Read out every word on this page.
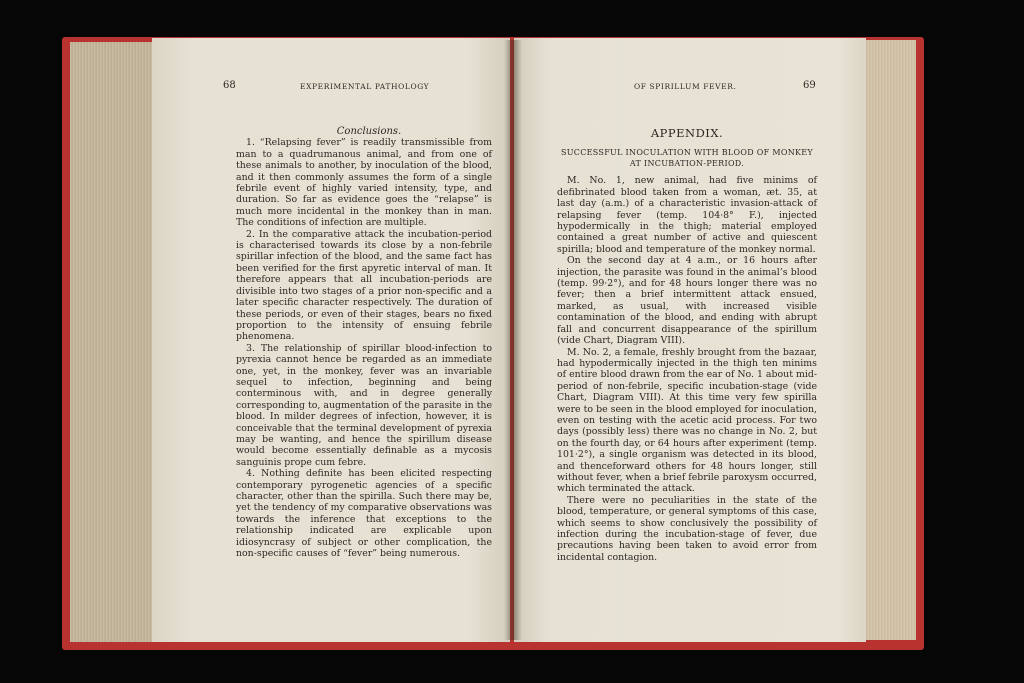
68	EXPERIMENTAL PATHOLOGY

Conclusions.

1. “Relapsing fever” is readily transmissible from man to a quadrumanous animal, and from one of these animals to another, by inoculation of the blood, and it then commonly assumes the form of a single febrile event of highly varied intensity, type, and duration. So far as evidence goes the “relapse” is much more incidental in the monkey than in man. The conditions of infection are multiple.

2. In the comparative attack the incubation-period is characterised towards its close by a non-febrile spirillar infection of the blood, and the same fact has been verified for the first apyretic interval of man. It therefore appears that all incubation-periods are divisible into two stages of a prior non-specific and a later specific character respectively. The duration of these periods, or even of their stages, bears no fixed proportion to the intensity of ensuing febrile phenomena.

3. The relationship of spirillar blood-infection to pyrexia cannot hence be regarded as an immediate one, yet, in the monkey, fever was an invariable sequel to infection, beginning and being conterminous with, and in degree generally corresponding to, augmentation of the parasite in the blood. In milder degrees of infection, however, it is conceivable that the terminal development of pyrexia may be wanting, and hence the spirillum disease would become essentially definable as a mycosis sanguinis prope cum febre.

4. Nothing definite has been elicited respecting contemporary pyrogenetic agencies of a specific character, other than the spirilla. Such there may be, yet the tendency of my comparative observations was towards the inference that exceptions to the relationship indicated are explicable upon idiosyncrasy of subject or other complication, the non-specific causes of “fever” being numerous.

OF SPIRILLUM FEVER.	69
APPENDIX.
SUCCESSFUL INOCULATION WITH BLOOD OF MONKEY AT INCUBATION-PERIOD.

M. No. 1, new animal, had five minims of defibrinated blood taken from a woman, æt. 35, at last day (a.m.) of a characteristic invasion-attack of relapsing fever (temp. 104·8° F.), injected hypodermically in the thigh; material employed contained a great number of active and quiescent spirilla; blood and temperature of the monkey normal.

On the second day at 4 a.m., or 16 hours after injection, the parasite was found in the animal’s blood (temp. 99·2°), and for 48 hours longer there was no fever; then a brief intermittent attack ensued, marked, as usual, with increased visible contamination of the blood, and ending with abrupt fall and concurrent disappearance of the spirillum (vide Chart, Diagram VIII).

M. No. 2, a female, freshly brought from the bazaar, had hypodermically injected in the thigh ten minims of entire blood drawn from the ear of No. 1 about mid-period of non-febrile, specific incubation-stage (vide Chart, Diagram VIII). At this time very few spirilla were to be seen in the blood employed for inoculation, even on testing with the acetic acid process. For two days (possibly less) there was no change in No. 2, but on the fourth day, or 64 hours after experiment (temp. 101·2°), a single organism was detected in its blood, and thenceforward others for 48 hours longer, still without fever, when a brief febrile paroxysm occurred, which terminated the attack.

There were no peculiarities in the state of the blood, temperature, or general symptoms of this case, which seems to show conclusively the possibility of infection during the incubation-stage of fever, due precautions having been taken to avoid error from incidental contagion.
